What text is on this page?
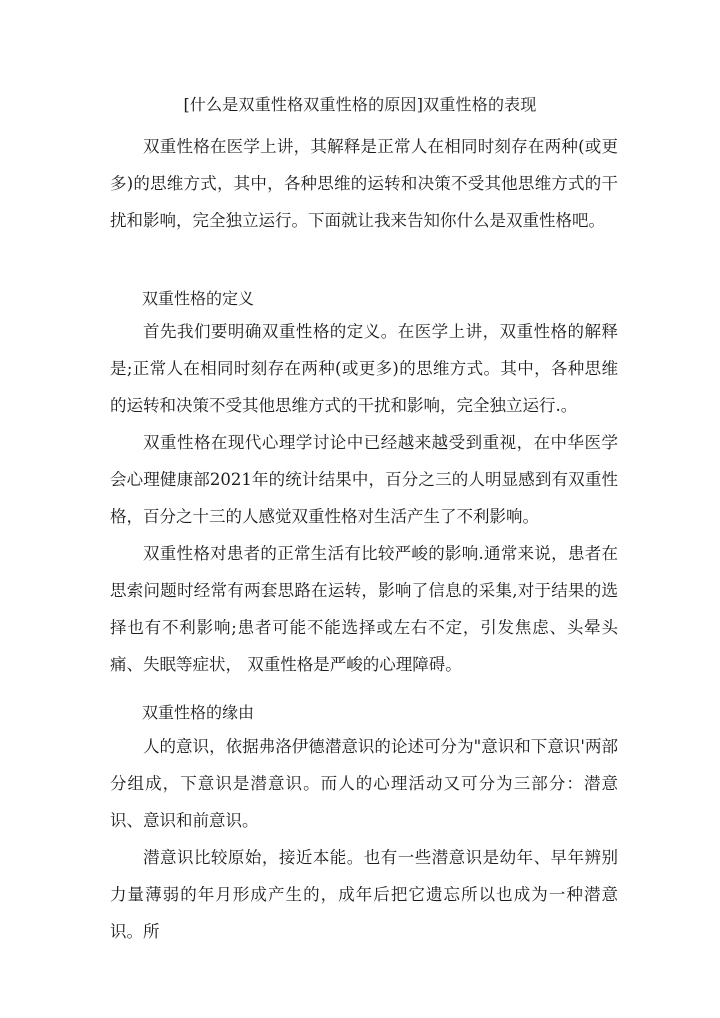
[什么是双重性格双重性格的原因]双重性格的表现

双重性格在医学上讲，其解释是正常人在相同时刻存在两种(或更多)的思维方式，其中，各种思维的运转和决策不受其他思维方式的干扰和影响，完全独立运行。下面就让我来告知你什么是双重性格吧。

双重性格的定义

首先我们要明确双重性格的定义。在医学上讲，双重性格的解释是;正常人在相同时刻存在两种(或更多)的思维方式。其中，各种思维的运转和决策不受其他思维方式的干扰和影响，完全独立运行.。

双重性格在现代心理学讨论中已经越来越受到重视，在中华医学会心理健康部2021年的统计结果中，百分之三的人明显感到有双重性格，百分之十三的人感觉双重性格对生活产生了不利影响。

双重性格对患者的正常生活有比较严峻的影响.通常来说，患者在思索问题时经常有两套思路在运转，影响了信息的采集,对于结果的选择也有不利影响;患者可能不能选择或左右不定，引发焦虑、头晕头痛、失眠等症状， 双重性格是严峻的心理障碍。

双重性格的缘由

人的意识，依据弗洛伊德潜意识的论述可分为"意识和下意识'两部分组成，下意识是潜意识。而人的心理活动又可分为三部分：潜意识、意识和前意识。

潜意识比较原始，接近本能。也有一些潜意识是幼年、早年辨别力量薄弱的年月形成产生的，成年后把它遗忘所以也成为一种潜意识。所
